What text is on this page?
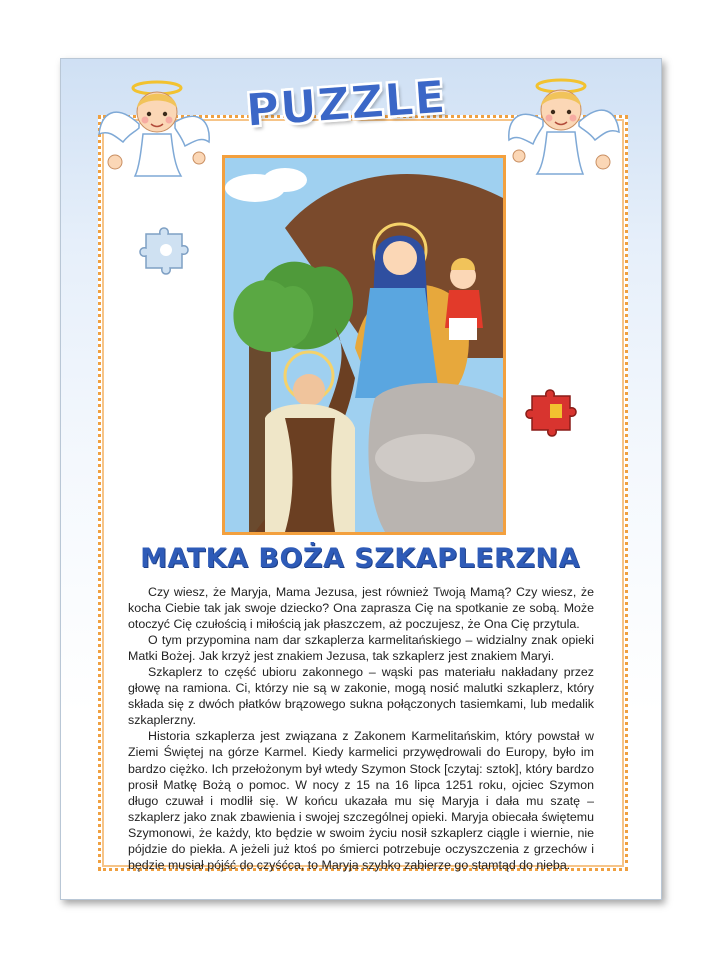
PUZZLE
MATKA BOŻA SZKAPLERZNA

Czy wiesz, że Maryja, Mama Jezusa, jest również Twoją Mamą? Czy wiesz, że kocha Ciebie tak jak swoje dziecko? Ona zaprasza Cię na spotkanie ze sobą. Może otoczyć Cię czułością i miłością jak płaszczem, aż poczujesz, że Ona Cię przytula.

O tym przypomina nam dar szkaplerza karmelitańskiego – widzialny znak opieki Matki Bożej. Jak krzyż jest znakiem Jezusa, tak szkaplerz jest znakiem Maryi.

Szkaplerz to część ubioru zakonnego – wąski pas materiału nakładany przez głowę na ramiona. Ci, którzy nie są w zakonie, mogą nosić malutki szkaplerz, który składa się z dwóch płatków brązowego sukna połączonych tasiemkami, lub medalik szkaplerzny.

Historia szkaplerza jest związana z Zakonem Karmelitańskim, który powstał w Ziemi Świętej na górze Karmel. Kiedy karmelici przywędrowali do Europy, było im bardzo ciężko. Ich przełożonym był wtedy Szymon Stock [czytaj: sztok], który bardzo prosił Matkę Bożą o pomoc. W nocy z 15 na 16 lipca 1251 roku, ojciec Szymon długo czuwał i modlił się. W końcu ukazała mu się Maryja i dała mu szatę – szkaplerz jako znak zbawienia i swojej szczególnej opieki. Maryja obiecała świętemu Szymonowi, że każdy, kto będzie w swoim życiu nosił szkaplerz ciągle i wiernie, nie pójdzie do piekła. A jeżeli już ktoś po śmierci potrzebuje oczyszczenia z grzechów i będzie musiał pójść do czyśćca, to Maryja szybko zabierze go stamtąd do nieba.
